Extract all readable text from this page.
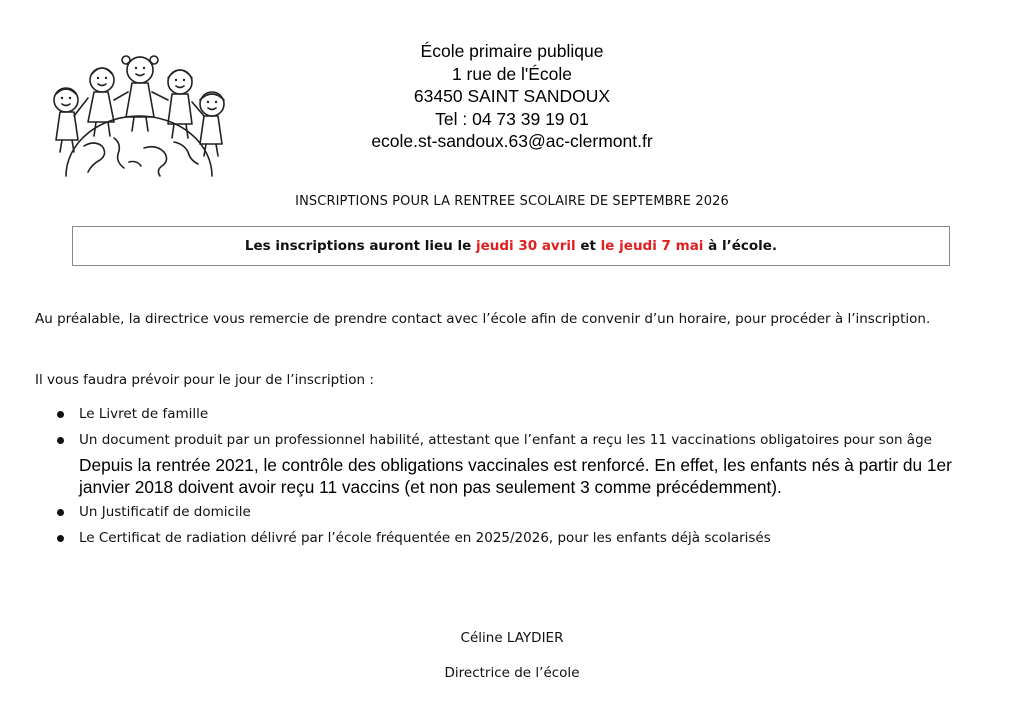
École primaire publique
1 rue de l'École
63450 SAINT SANDOUX
Tel : 04 73 39 19 01
ecole.st-sandoux.63@ac-clermont.fr
INSCRIPTIONS POUR LA RENTREE SCOLAIRE DE SEPTEMBRE 2026
Les inscriptions auront lieu le jeudi 30 avril et le jeudi 7 mai à l’école.
Au préalable, la directrice vous remercie de prendre contact avec l’école afin de convenir d’un horaire, pour procéder à l’inscription.
Il vous faudra prévoir pour le jour de l’inscription :
Le Livret de famille
Un document produit par un professionnel habilité, attestant que l’enfant a reçu les 11 vaccinations obligatoires pour son âge
Depuis la rentrée 2021, le contrôle des obligations vaccinales est renforcé. En effet, les enfants nés à partir du 1er janvier 2018 doivent avoir reçu 11 vaccins (et non pas seulement 3 comme précédemment).
Un Justificatif de domicile
Le Certificat de radiation délivré par l’école fréquentée en 2025/2026, pour les enfants déjà scolarisés
Céline LAYDIER
Directrice de l’école
